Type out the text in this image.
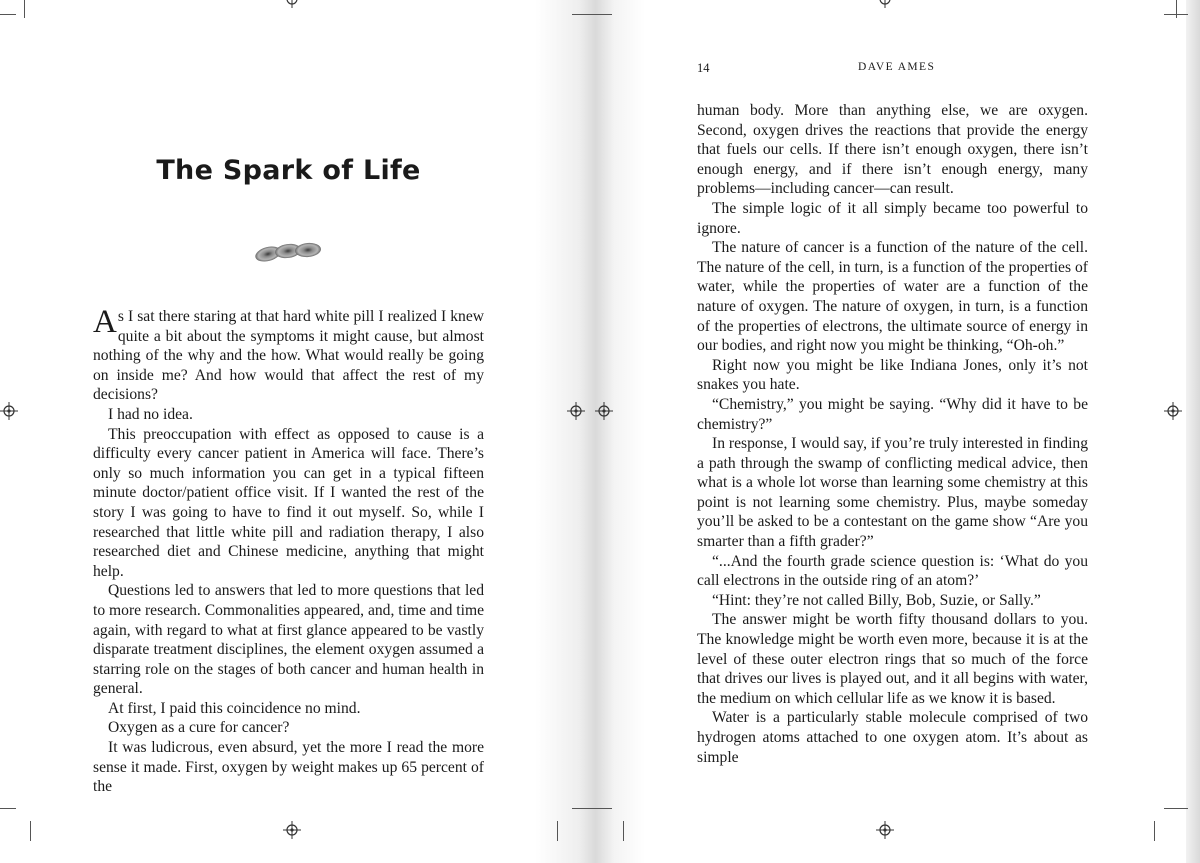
The Spark of Life

As I sat there staring at that hard white pill I realized I knew quite a bit about the symptoms it might cause, but almost nothing of the why and the how. What would really be going on inside me? And how would that affect the rest of my decisions?

I had no idea.

This preoccupation with effect as opposed to cause is a difficulty every cancer patient in America will face. There’s only so much information you can get in a typical fifteen minute doctor/patient office visit. If I wanted the rest of the story I was going to have to find it out myself. So, while I researched that little white pill and radiation therapy, I also researched diet and Chinese medicine, anything that might help.

Questions led to answers that led to more questions that led to more research. Commonalities appeared, and, time and time again, with regard to what at first glance appeared to be vastly disparate treatment disciplines, the element oxygen assumed a starring role on the stages of both cancer and human health in general.

At first, I paid this coincidence no mind.

Oxygen as a cure for cancer?

It was ludicrous, even absurd, yet the more I read the more sense it made. First, oxygen by weight makes up 65 percent of the

14	DAVE AMES

human body. More than anything else, we are oxygen. Second, oxygen drives the reactions that provide the energy that fuels our cells. If there isn’t enough oxygen, there isn’t enough energy, and if there isn’t enough energy, many problems—including cancer—can result.

The simple logic of it all simply became too powerful to ignore.

The nature of cancer is a function of the nature of the cell. The nature of the cell, in turn, is a function of the properties of water, while the properties of water are a function of the nature of oxygen. The nature of oxygen, in turn, is a function of the properties of electrons, the ultimate source of energy in our bodies, and right now you might be thinking, “Oh-oh.”

Right now you might be like Indiana Jones, only it’s not snakes you hate.

“Chemistry,” you might be saying. “Why did it have to be chemistry?”

In response, I would say, if you’re truly interested in finding a path through the swamp of conflicting medical advice, then what is a whole lot worse than learning some chemistry at this point is not learning some chemistry. Plus, maybe someday you’ll be asked to be a contestant on the game show “Are you smarter than a fifth grader?”

“...And the fourth grade science question is: ‘What do you call electrons in the outside ring of an atom?’

“Hint: they’re not called Billy, Bob, Suzie, or Sally.”

The answer might be worth fifty thousand dollars to you. The knowledge might be worth even more, because it is at the level of these outer electron rings that so much of the force that drives our lives is played out, and it all begins with water, the medium on which cellular life as we know it is based.

Water is a particularly stable molecule comprised of two hydrogen atoms attached to one oxygen atom. It’s about as simple
